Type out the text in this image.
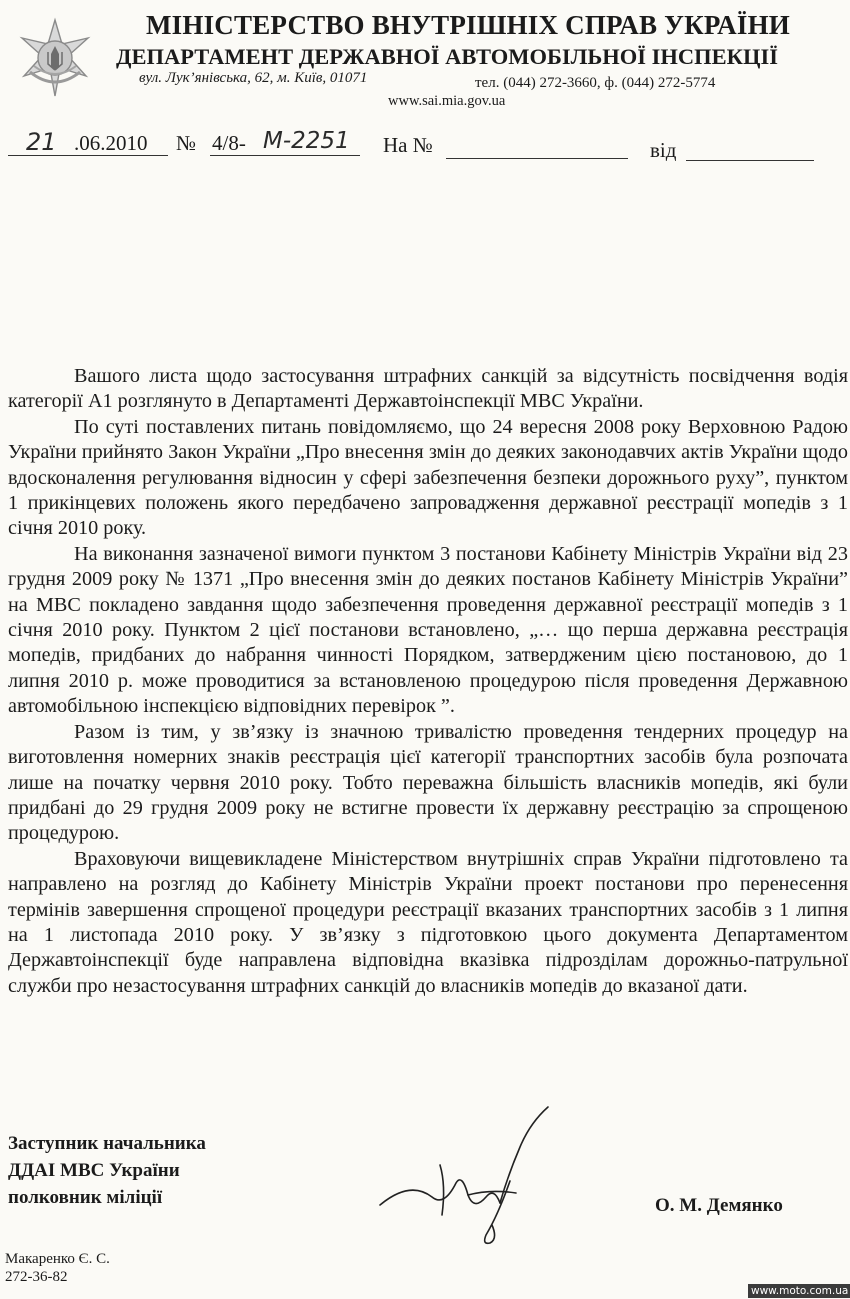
МІНІСТЕРСТВО ВНУТРІШНІХ СПРАВ УКРАЇНИ
ДЕПАРТАМЕНТ ДЕРЖАВНОЇ АВТОМОБІЛЬНОЇ ІНСПЕКЦІЇ
вул. Лук’янівська, 62, м. Київ, 01071	тел. (044) 272-3660, ф. (044) 272-5774
www.sai.mia.gov.ua
21 .06.2010 № 4/8- M-2251 На №	від

Вашого листа щодо застосування штрафних санкцій за відсутність посвідчення водія категорії А1 розглянуто в Департаменті Державтоінспекції МВС України.

По суті поставлених питань повідомляємо, що 24 вересня 2008 року Верховною Радою України прийнято Закон України „Про внесення змін до деяких законодавчих актів України щодо вдосконалення регулювання відносин у сфері забезпечення безпеки дорожнього руху”, пунктом 1 прикінцевих положень якого передбачено запровадження державної реєстрації мопедів з 1 січня 2010 року.

На виконання зазначеної вимоги пунктом 3 постанови Кабінету Міністрів України від 23 грудня 2009 року № 1371 „Про внесення змін до деяких постанов Кабінету Міністрів України” на МВС покладено завдання щодо забезпечення проведення державної реєстрації мопедів з 1 січня 2010 року. Пунктом 2 цієї постанови встановлено, „… що перша державна реєстрація мопедів, придбаних до набрання чинності Порядком, затвердженим цією постановою, до 1 липня 2010 р. може проводитися за встановленою процедурою після проведення Державною автомобільною інспекцією відповідних перевірок ”.

Разом із тим, у зв’язку із значною тривалістю проведення тендерних процедур на виготовлення номерних знаків реєстрація цієї категорії транспортних засобів була розпочата лише на початку червня 2010 року. Тобто переважна більшість власників мопедів, які були придбані до 29 грудня 2009 року не встигне провести їх державну реєстрацію за спрощеною процедурою.

Враховуючи вищевикладене Міністерством внутрішніх справ України підготовлено та направлено на розгляд до Кабінету Міністрів України проект постанови про перенесення термінів завершення спрощеної процедури реєстрації вказаних транспортних засобів з 1 липня на 1 листопада 2010 року. У зв’язку з підготовкою цього документа Департаментом Державтоінспекції буде направлена відповідна вказівка підрозділам дорожньо-патрульної служби про незастосування штрафних санкцій до власників мопедів до вказаної дати.

Заступник начальника
ДДАІ МВС України
полковник міліції	О. М. Демянко
Макаренко Є. С.
272-36-82
www.moto.com.ua
